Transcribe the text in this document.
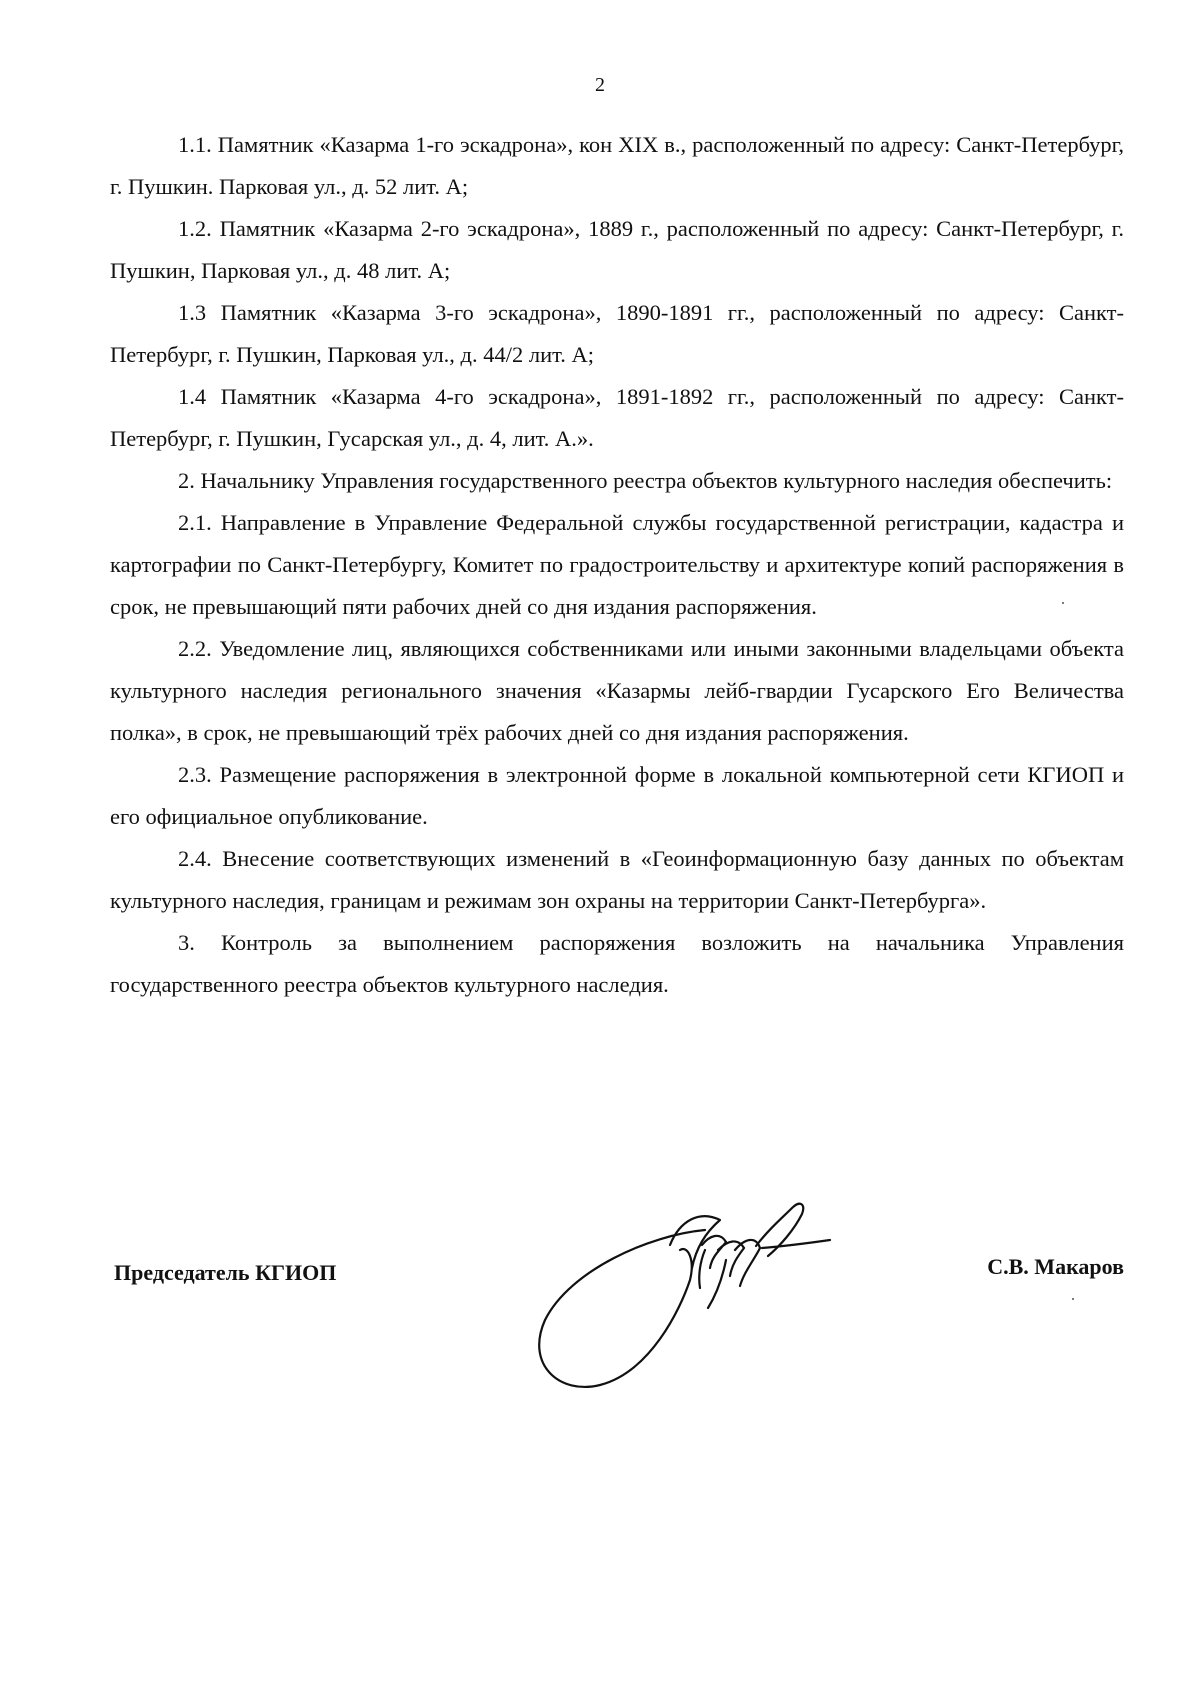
2

1.1. Памятник «Казарма 1-го эскадрона», кон XIX в., расположенный по адресу: Санкт-Петербург, г. Пушкин. Парковая ул., д. 52 лит. А;

1.2. Памятник «Казарма 2-го эскадрона», 1889 г., расположенный по адресу: Санкт-Петербург, г. Пушкин, Парковая ул., д. 48 лит. А;

1.3 Памятник «Казарма 3-го эскадрона», 1890-1891 гг., расположенный по адресу: Санкт-Петербург, г. Пушкин, Парковая ул., д. 44/2 лит. А;

1.4 Памятник «Казарма 4-го эскадрона», 1891-1892 гг., расположенный по адресу: Санкт-Петербург, г. Пушкин, Гусарская ул., д. 4, лит. А.».

2. Начальнику Управления государственного реестра объектов культурного наследия обеспечить:

2.1. Направление в Управление Федеральной службы государственной регистрации, кадастра и картографии по Санкт-Петербургу, Комитет по градостроительству и архитектуре копий распоряжения в срок, не превышающий пяти рабочих дней со дня издания распоряжения.

2.2. Уведомление лиц, являющихся собственниками или иными законными владельцами объекта культурного наследия регионального значения «Казармы лейб-гвардии Гусарского Его Величества полка», в срок, не превышающий трёх рабочих дней со дня издания распоряжения.

2.3. Размещение распоряжения в электронной форме в локальной компьютерной сети КГИОП и его официальное опубликование.

2.4. Внесение соответствующих изменений в «Геоинформационную базу данных по объектам культурного наследия, границам и режимам зон охраны на территории Санкт-Петербурга».

3. Контроль за выполнением распоряжения возложить на начальника Управления государственного реестра объектов культурного наследия.

Председатель КГИОП	С.В. Макаров
